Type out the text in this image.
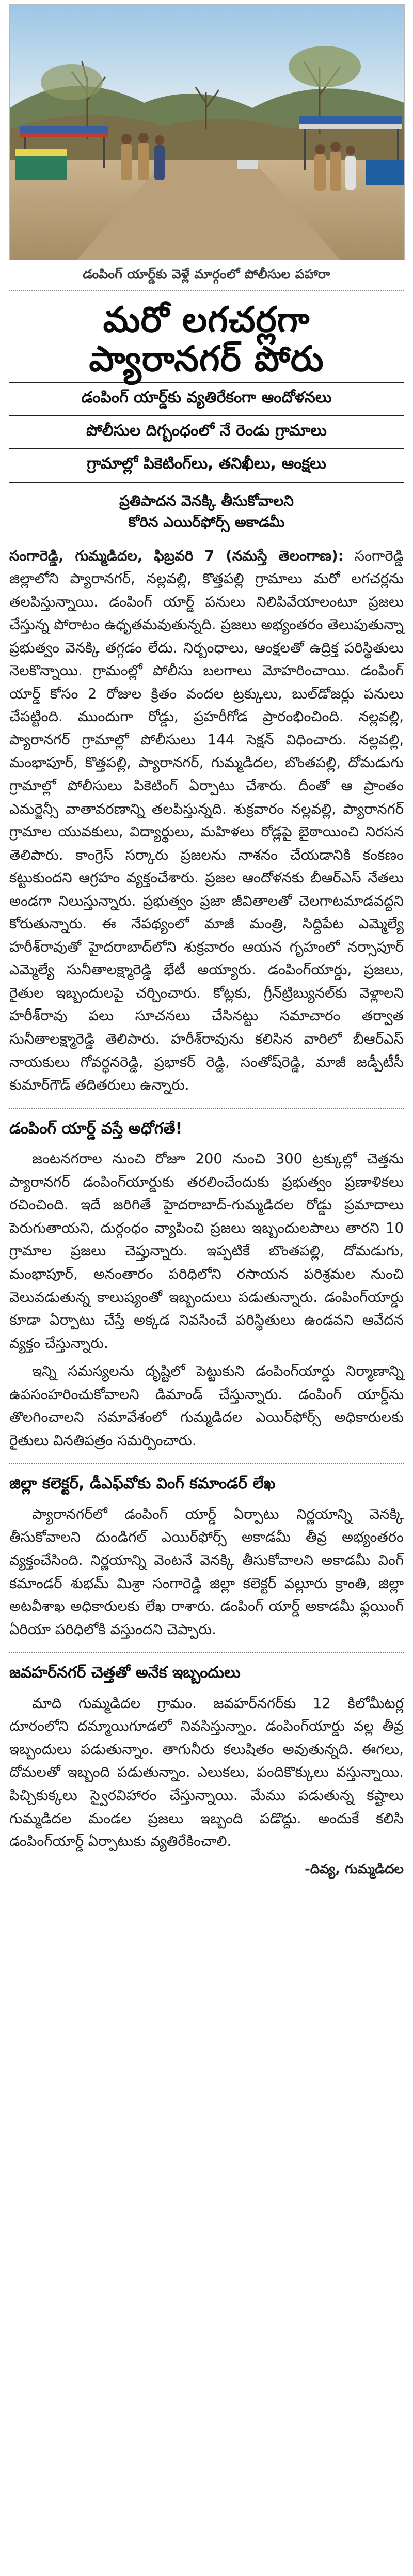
డంపింగ్ యార్డ్‌కు వెళ్లే మార్గంలో పోలీసుల పహారా
మరో లగచర్లగా
ప్యారానగర్ పోరు
డంపింగ్ యార్డ్‌కు వ్యతిరేకంగా ఆందోళనలు
పోలీసుల దిగ్బంధంలో నే రెండు గ్రామాలు
గ్రామాల్లో పికెటింగ్‌లు, తనిఖీలు, ఆంక్షలు
ప్రతిపాదన వెనక్కి తీసుకోవాలని
కోరిన ఎయిర్‌ఫోర్స్ అకాడమీ

సంగారెడ్డి, గుమ్మడిదల, ఫిబ్రవరి 7 (నమస్తే తెలంగాణ): సంగారెడ్డి జిల్లాలోని ప్యారానగర్, నల్లవల్లి, కొత్తపల్లి గ్రామాలు మరో లగచర్లను తలపిస్తున్నాయి. డంపింగ్ యార్డ్ పనులు నిలిపివేయాలంటూ ప్రజలు చేస్తున్న పోరాటం ఉధృతమవుతున్నది. ప్రజలు అభ్యంతరం తెలుపుతున్నా ప్రభుత్వం వెనక్కి తగ్గడం లేదు. నిర్బంధాలు, ఆంక్షలతో ఉద్రిక్త పరిస్థితులు నెలకొన్నాయి. గ్రామంల్లో పోలీసు బలగాలు మోహరించాయి. డంపింగ్ యార్డ్ కోసం 2 రోజుల క్రితం వందల ట్రక్కులు, బుల్‌డోజర్లు పనులు చేపట్టింది. ముందుగా రోడ్డు, ప్రహరీగోడ ప్రారంభించింది. నల్లవల్లి, ప్యారానగర్ గ్రామాల్లో పోలీసులు 144 సెక్షన్ విధించారు. నల్లవల్లి, మంభాపూర్, కొత్తపల్లి, ప్యారానగర్, గుమ్మడిదల, బొంతపల్లి, దోమడుగు గ్రామాల్లో పోలీసులు పికెటింగ్ ఏర్పాటు చేశారు. దీంతో ఆ ప్రాంతం ఎమర్జెన్సీ వాతావరణాన్ని తలపిస్తున్నది. శుక్రవారం నల్లవల్లి, ప్యారానగర్ గ్రామాల యువకులు, విద్యార్థులు, మహిళలు రోడ్లపై బైఠాయించి నిరసన తెలిపారు. కాంగ్రెస్ సర్కారు ప్రజలను నాశనం చేయడానికి కంకణం కట్టుకుందని ఆగ్రహం వ్యక్తంచేశారు. ప్రజల ఆందోళనకు బీఆర్‌ఎస్ నేతలు అండగా నిలుస్తున్నారు. ప్రభుత్వం ప్రజా జీవితాలతో చెలగాటమాడవద్దని కోరుతున్నారు. ఈ నేపథ్యంలో మాజీ మంత్రి, సిద్దిపేట ఎమ్మెల్యే హరీశ్‌రావుతో హైదరాబాద్‌లోని శుక్రవారం ఆయన గృహంలో నర్సాపూర్ ఎమ్మెల్యే సునీతాలక్ష్మారెడ్డి భేటీ అయ్యారు. డంపింగ్‌యార్డు, ప్రజలు, రైతుల ఇబ్బందులపై చర్చించారు. కోట్లకు, గ్రీన్‌ట్రిబ్యునల్‌కు వెళ్లాలని హరీశ్‌రావు పలు సూచనలు చేసినట్టు సమాచారం తర్వాత సునీతాలక్ష్మారెడ్డి తెలిపారు. హరీశ్‌రావును కలిసిన వారిలో బీఆర్‌ఎస్ నాయకులు గోవర్ధనరెడ్డి, ప్రభాకర్ రెడ్డి, సంతోష్‌రెడ్డి, మాజీ జడ్పీటీసీ కుమార్‌గౌడ్ తదితరులు ఉన్నారు.

డంపింగ్ యార్డ్ వస్తే అధోగతే!

జంటనగరాల నుంచి రోజూ 200 నుంచి 300 ట్రక్కుల్లో చెత్తను ప్యారానగర్ డంపింగ్‌యార్డుకు తరలించేందుకు ప్రభుత్వం ప్రణాళికలు రచించింది. ఇదే జరిగితే హైదరాబాద్-గుమ్మడిదల రోడ్డు ప్రమాదాలు పెరుగుతాయని, దుర్గంధం వ్యాపించి ప్రజలు ఇబ్బందులపాలు తారని 10 గ్రామాల ప్రజలు చెప్తున్నారు. ఇప్పటికే బొంతపల్లి, దోమడుగు, మంభాపూర్, అనంతారం పరిధిలోని రసాయన పరిశ్రమల నుంచి వెలువడుతున్న కాలుష్యంతో ఇబ్బందులు పడుతున్నారు. డంపింగ్‌యార్డు కూడా ఏర్పాటు చేస్తే అక్కడ నివసించే పరిస్థితులు ఉండవని ఆవేదన వ్యక్తం చేస్తున్నారు.

ఇన్ని సమస్యలను దృష్టిలో పెట్టుకుని డంపింగ్‌యార్డు నిర్మాణాన్ని ఉపసంహరించుకోవాలని డిమాండ్ చేస్తున్నారు. డంపింగ్ యార్డ్‌ను తొలగించాలని సమావేశంలో గుమ్మడిదల ఎయిర్‌ఫోర్స్ అధికారులకు రైతులు వినతిపత్రం సమర్పించారు.

జిల్లా కలెక్టర్, డీఎఫ్‌వోకు వింగ్ కమాండర్ లేఖ

ప్యారానగర్‌లో డంపింగ్ యార్డ్ ఏర్పాటు నిర్ణయాన్ని వెనక్కి తీసుకోవాలని దుండిగల్ ఎయిర్‌ఫోర్స్ అకాడమీ తీవ్ర అభ్యంతరం వ్యక్తంచేసింది. నిర్ణయాన్ని వెంటనే వెనక్కి తీసుకోవాలని అకాడమీ వింగ్ కమాండర్ శుభమ్ మిశ్రా సంగారెడ్డి జిల్లా కలెక్టర్ వల్లూరు క్రాంతి, జిల్లా అటవీశాఖ అధికారులకు లేఖ రాశారు. డంపింగ్ యార్డ్ అకాడమీ ఫ్లయింగ్ ఏరియా పరిధిలోకి వస్తుందని చెప్పారు.

జవహర్‌నగర్ చెత్తతో అనేక ఇబ్బందులు

మాది గుమ్మడిదల గ్రామం. జవహర్‌నగర్‌కు 12 కిలోమీటర్ల దూరంలోని దమ్మాయిగూడలో నివసిస్తున్నాం. డంపింగ్‌యార్డు వల్ల తీవ్ర ఇబ్బందులు పడుతున్నాం. తాగునీరు కలుషితం అవుతున్నది. ఈగలు, దోమలతో ఇబ్బంది పడుతున్నాం. ఎలుకలు, పందికొక్కులు వస్తున్నాయి. పిచ్చికుక్కలు స్వైరవిహారం చేస్తున్నాయి. మేము పడుతున్న కష్టాలు గుమ్మడిదల మండల ప్రజలు ఇబ్బంది పడొద్దు. అందుకే కలిసి డంపింగ్‌యార్డ్ ఏర్పాటుకు వ్యతిరేకించాలి.

-దివ్య, గుమ్మడిదల
